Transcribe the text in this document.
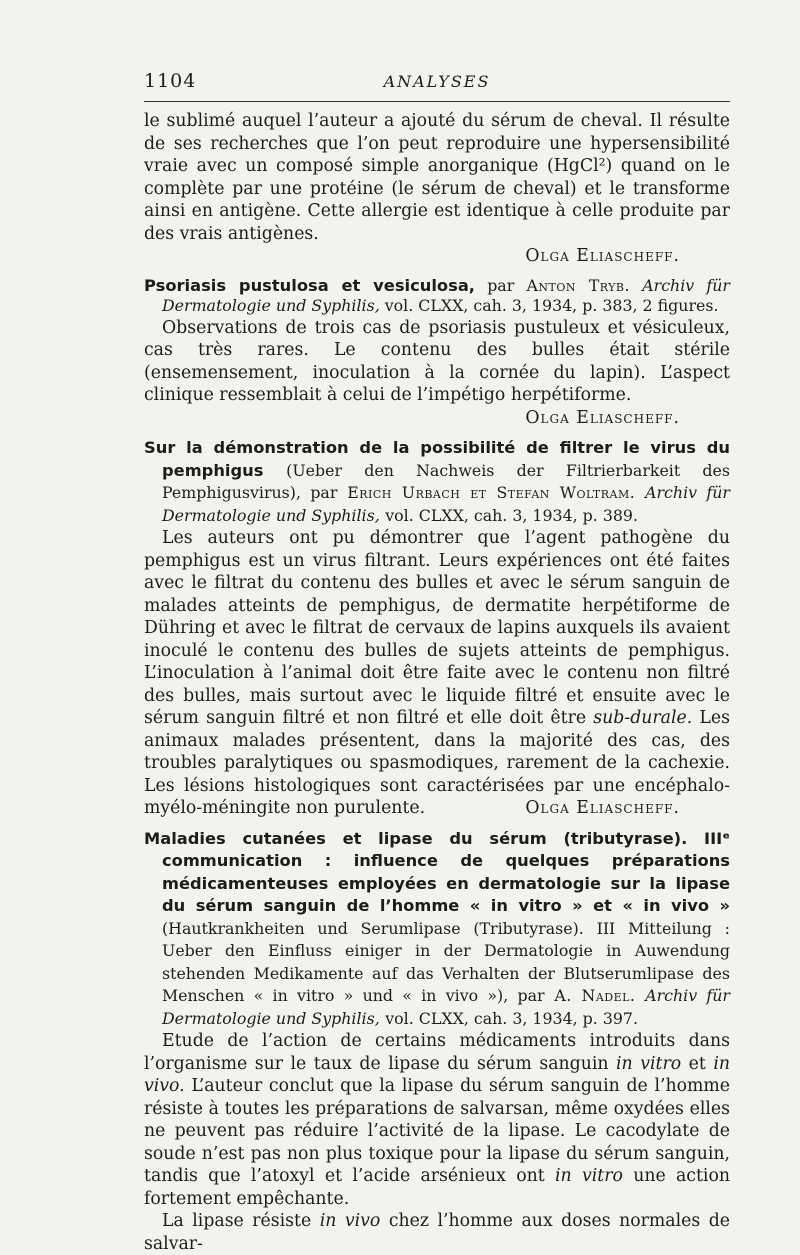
1104	ANALYSES

le sublimé auquel l’auteur a ajouté du sérum de cheval. Il résulte de ses recherches que l’on peut reproduire une hypersensibilité vraie avec un composé simple anorganique (HgCl²) quand on le complète par une protéine (le sérum de cheval) et le transforme ainsi en antigène. Cette allergie est identique à celle produite par des vrais antigènes.

Olga Eliascheff.

Psoriasis pustulosa et vesiculosa, par Anton Tryb. Archiv für Dermatologie und Syphilis, vol. CLXX, cah. 3, 1934, p. 383, 2 figures.

Observations de trois cas de psoriasis pustuleux et vésiculeux, cas très rares. Le contenu des bulles était stérile (ensemensement, inoculation à la cornée du lapin). L’aspect clinique ressemblait à celui de l’impétigo herpétiforme.
Olga Eliascheff.

Sur la démonstration de la possibilité de filtrer le virus du pemphigus (Ueber den Nachweis der Filtrierbarkeit des Pemphigusvirus), par Erich Urbach et Stefan Woltram. Archiv für Dermatologie und Syphilis, vol. CLXX, cah. 3, 1934, p. 389.

Les auteurs ont pu démontrer que l’agent pathogène du pemphigus est un virus filtrant. Leurs expériences ont été faites avec le filtrat du contenu des bulles et avec le sérum sanguin de malades atteints de pemphigus, de dermatite herpétiforme de Dühring et avec le filtrat de cervaux de lapins auxquels ils avaient inoculé le contenu des bulles de sujets atteints de pemphigus. L’inoculation à l’animal doit être faite avec le contenu non filtré des bulles, mais surtout avec le liquide filtré et ensuite avec le sérum sanguin filtré et non filtré et elle doit être sub-durale. Les animaux malades présentent, dans la majorité des cas, des troubles paralytiques ou spasmodiques, rarement de la cachexie. Les lésions histologiques sont caractérisées par une encéphalo-myélo-méningite non purulente.	Olga Eliascheff.

Maladies cutanées et lipase du sérum (tributyrase). IIIᵉ communication : influence de quelques préparations médicamenteuses employées en dermatologie sur la lipase du sérum sanguin de l’homme « in vitro » et « in vivo » (Hautkrankheiten und Serumlipase (Tributyrase). III Mitteilung : Ueber den Einfluss einiger in der Dermatologie in Auwendung stehenden Medikamente auf das Verhalten der Blutserumlipase des Menschen « in vitro » und « in vivo »), par A. Nadel. Archiv für Dermatologie und Syphilis, vol. CLXX, cah. 3, 1934, p. 397.

Etude de l’action de certains médicaments introduits dans l’organisme sur le taux de lipase du sérum sanguin in vitro et in vivo. L’auteur conclut que la lipase du sérum sanguin de l’homme résiste à toutes les préparations de salvarsan, même oxydées elles ne peuvent pas réduire l’activité de la lipase. Le cacodylate de soude n’est pas non plus toxique pour la lipase du sérum sanguin, tandis que l’atoxyl et l’acide arsénieux ont in vitro une action fortement empêchante.

La lipase résiste in vivo chez l’homme aux doses normales de salvar-
